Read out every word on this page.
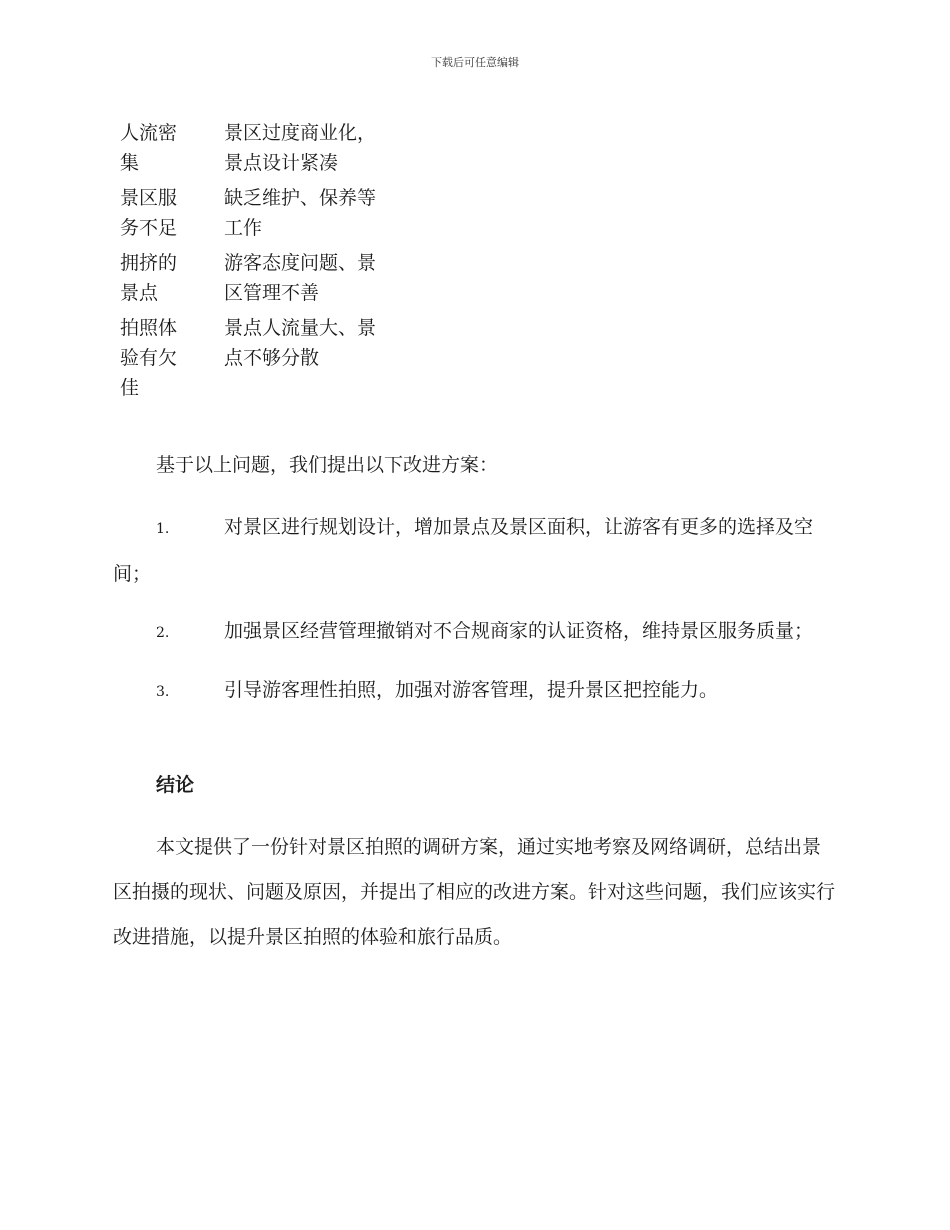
下载后可任意编辑
人流密集	景区过度商业化，景点设计紧凑
景区服务不足	缺乏维护、保养等工作
拥挤的景点	游客态度问题、景区管理不善
拍照体验有欠佳	景点人流量大、景点不够分散

基于以上问题，我们提出以下改进方案：

1.	对景区进行规划设计，增加景点及景区面积，让游客有更多的选择及空间；

2.	加强景区经营管理撤销对不合规商家的认证资格，维持景区服务质量；

3.	引导游客理性拍照，加强对游客管理，提升景区把控能力。

结论

本文提供了一份针对景区拍照的调研方案，通过实地考察及网络调研，总结出景区拍摄的现状、问题及原因，并提出了相应的改进方案。针对这些问题，我们应该实行改进措施，以提升景区拍照的体验和旅行品质。
